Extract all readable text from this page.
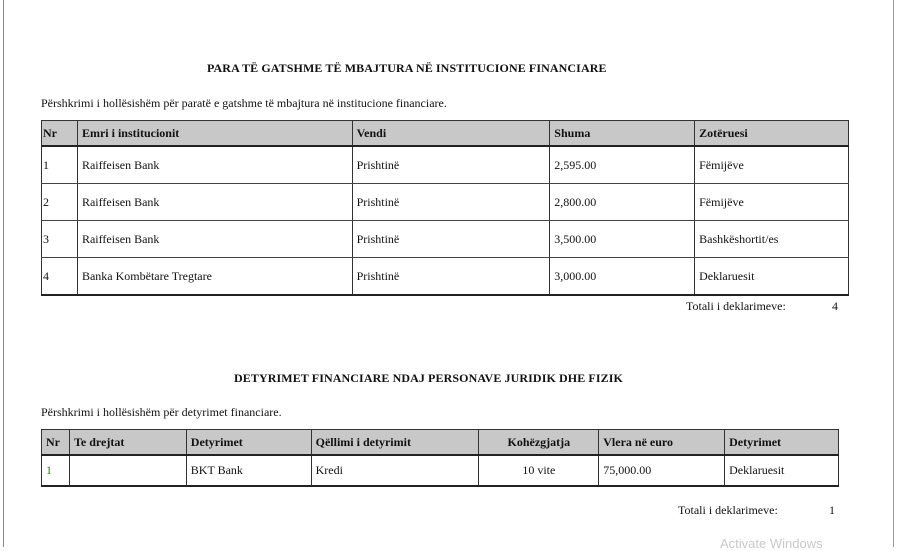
PARA TË GATSHME TË MBAJTURA NË INSTITUCIONE FINANCIARE
Përshkrimi i hollësishëm për paratë e gatshme të mbajtura në institucione financiare.
Nr	Emri i institucionit	Vendi	Shuma	Zotëruesi
1	Raiffeisen Bank	Prishtinë	2,595.00	Fëmijëve
2	Raiffeisen Bank	Prishtinë	2,800.00	Fëmijëve
3	Raiffeisen Bank	Prishtinë	3,500.00	Bashkëshortit/es
4	Banka Kombëtare Tregtare	Prishtinë	3,000.00	Deklaruesit
Totali i deklarimeve:	4
DETYRIMET FINANCIARE NDAJ PERSONAVE JURIDIK DHE FIZIK
Përshkrimi i hollësishëm për detyrimet financiare.
Nr	Te drejtat	Detyrimet	Qëllimi i detyrimit	Kohëzgjatja	Vlera në euro	Detyrimet
1		BKT Bank	Kredi	10 vite	75,000.00	Deklaruesit
Totali i deklarimeve:	1
Activate Windows
